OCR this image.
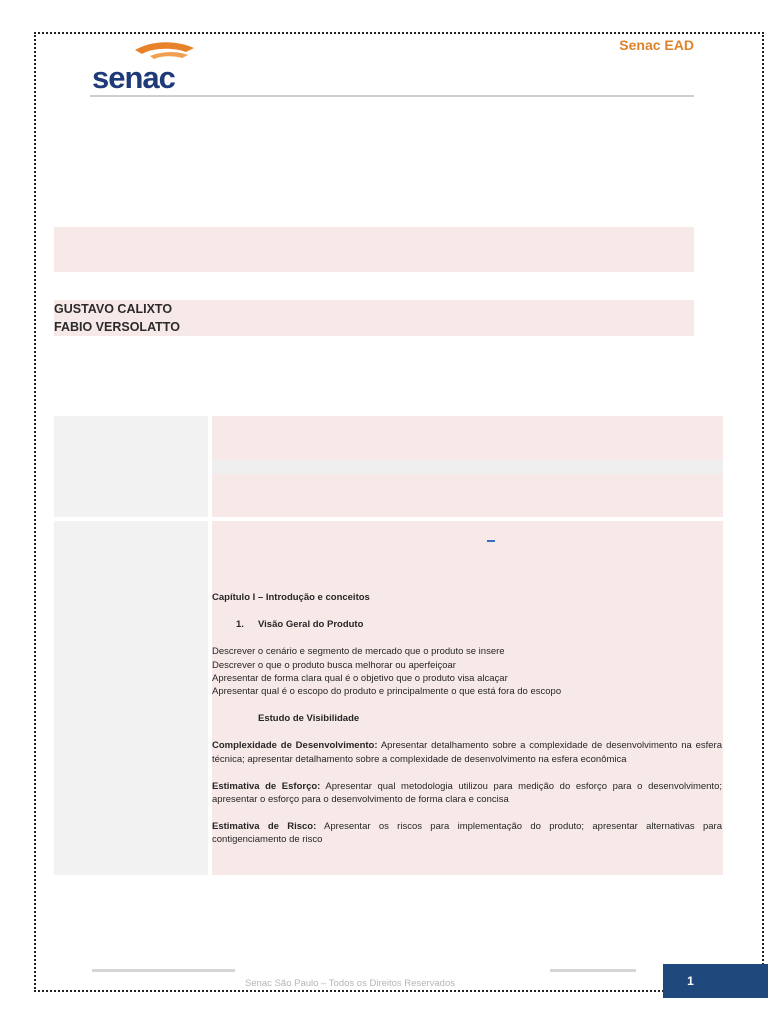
senac
Senac EAD
GUSTAVO CALIXTO
FABIO VERSOLATTO
Capítulo I – Introdução e conceitos
1. Visão Geral do Produto
Descrever o cenário e segmento de mercado que o produto se insere
Descrever o que o produto busca melhorar ou aperfeiçoar
Apresentar de forma clara qual é o objetivo que o produto visa alcaçar
Apresentar qual é o escopo do produto e principalmente o que está fora do escopo
Estudo de Visibilidade
Complexidade de Desenvolvimento: Apresentar detalhamento sobre a complexidade de desenvolvimento na esfera técnica; apresentar detalhamento sobre a complexidade de desenvolvimento na esfera econômica
Estimativa de Esforço: Apresentar qual metodologia utilizou para medição do esforço para o desenvolvimento; apresentar o esforço para o desenvolvimento de forma clara e concisa
Estimativa de Risco: Apresentar os riscos para implementação do produto; apresentar alternativas para contigenciamento de risco
Senac São Paulo – Todos os Direitos Reservados	1
